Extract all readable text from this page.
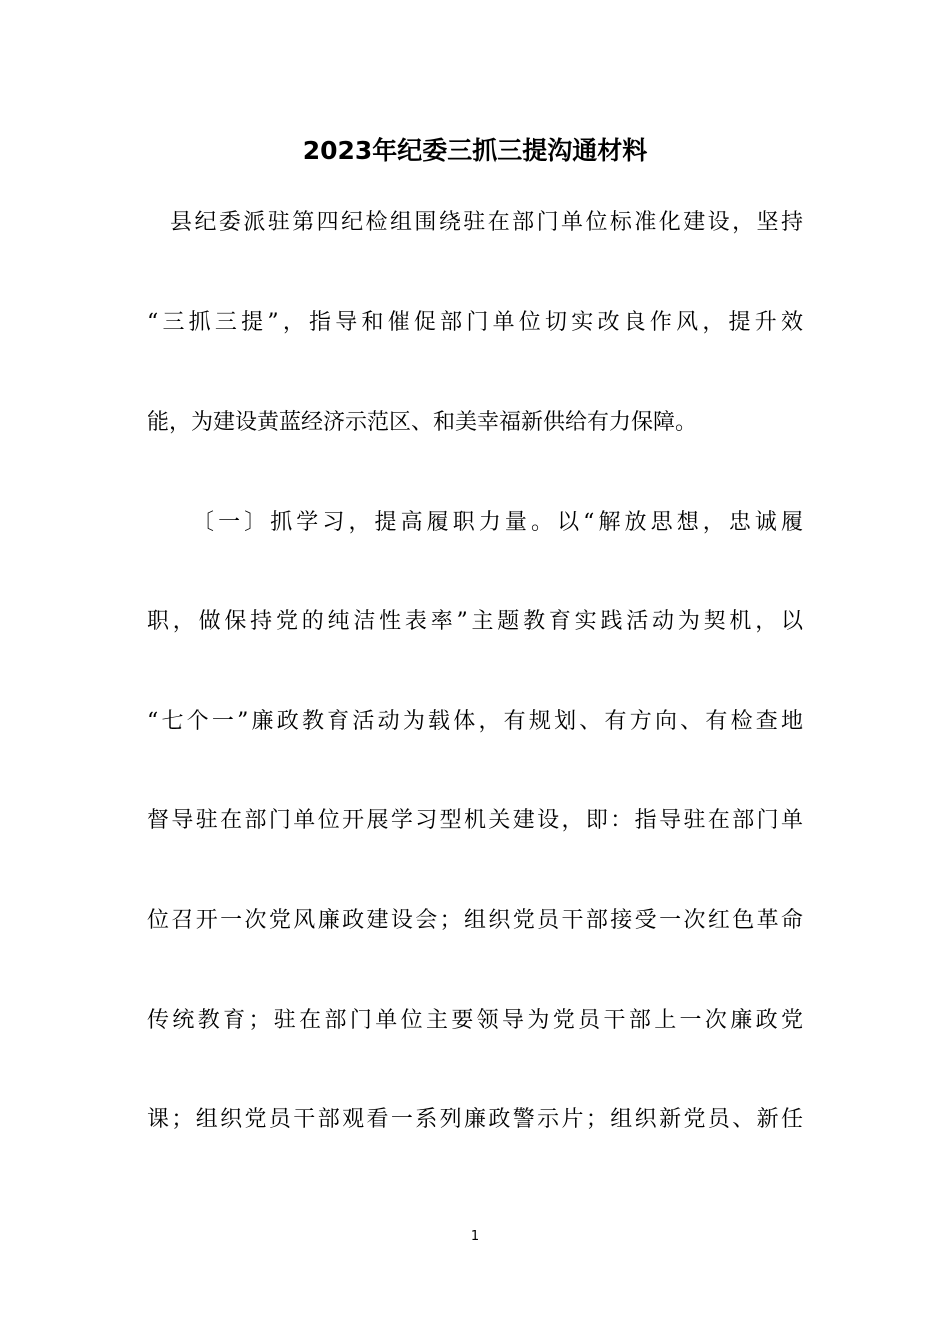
2023年纪委三抓三提沟通材料
县纪委派驻第四纪检组围绕驻在部门单位标准化建设，坚持
“三抓三提”，指导和催促部门单位切实改良作风，提升效
能，为建设黄蓝经济示范区、和美幸福新供给有力保障。
〔一〕抓学习，提高履职力量。以“解放思想，忠诚履
职，做保持党的纯洁性表率”主题教育实践活动为契机，以
“七个一”廉政教育活动为载体，有规划、有方向、有检查地
督导驻在部门单位开展学习型机关建设，即：指导驻在部门单
位召开一次党风廉政建设会；组织党员干部接受一次红色革命
传统教育；驻在部门单位主要领导为党员干部上一次廉政党
课；组织党员干部观看一系列廉政警示片；组织新党员、新任
1
